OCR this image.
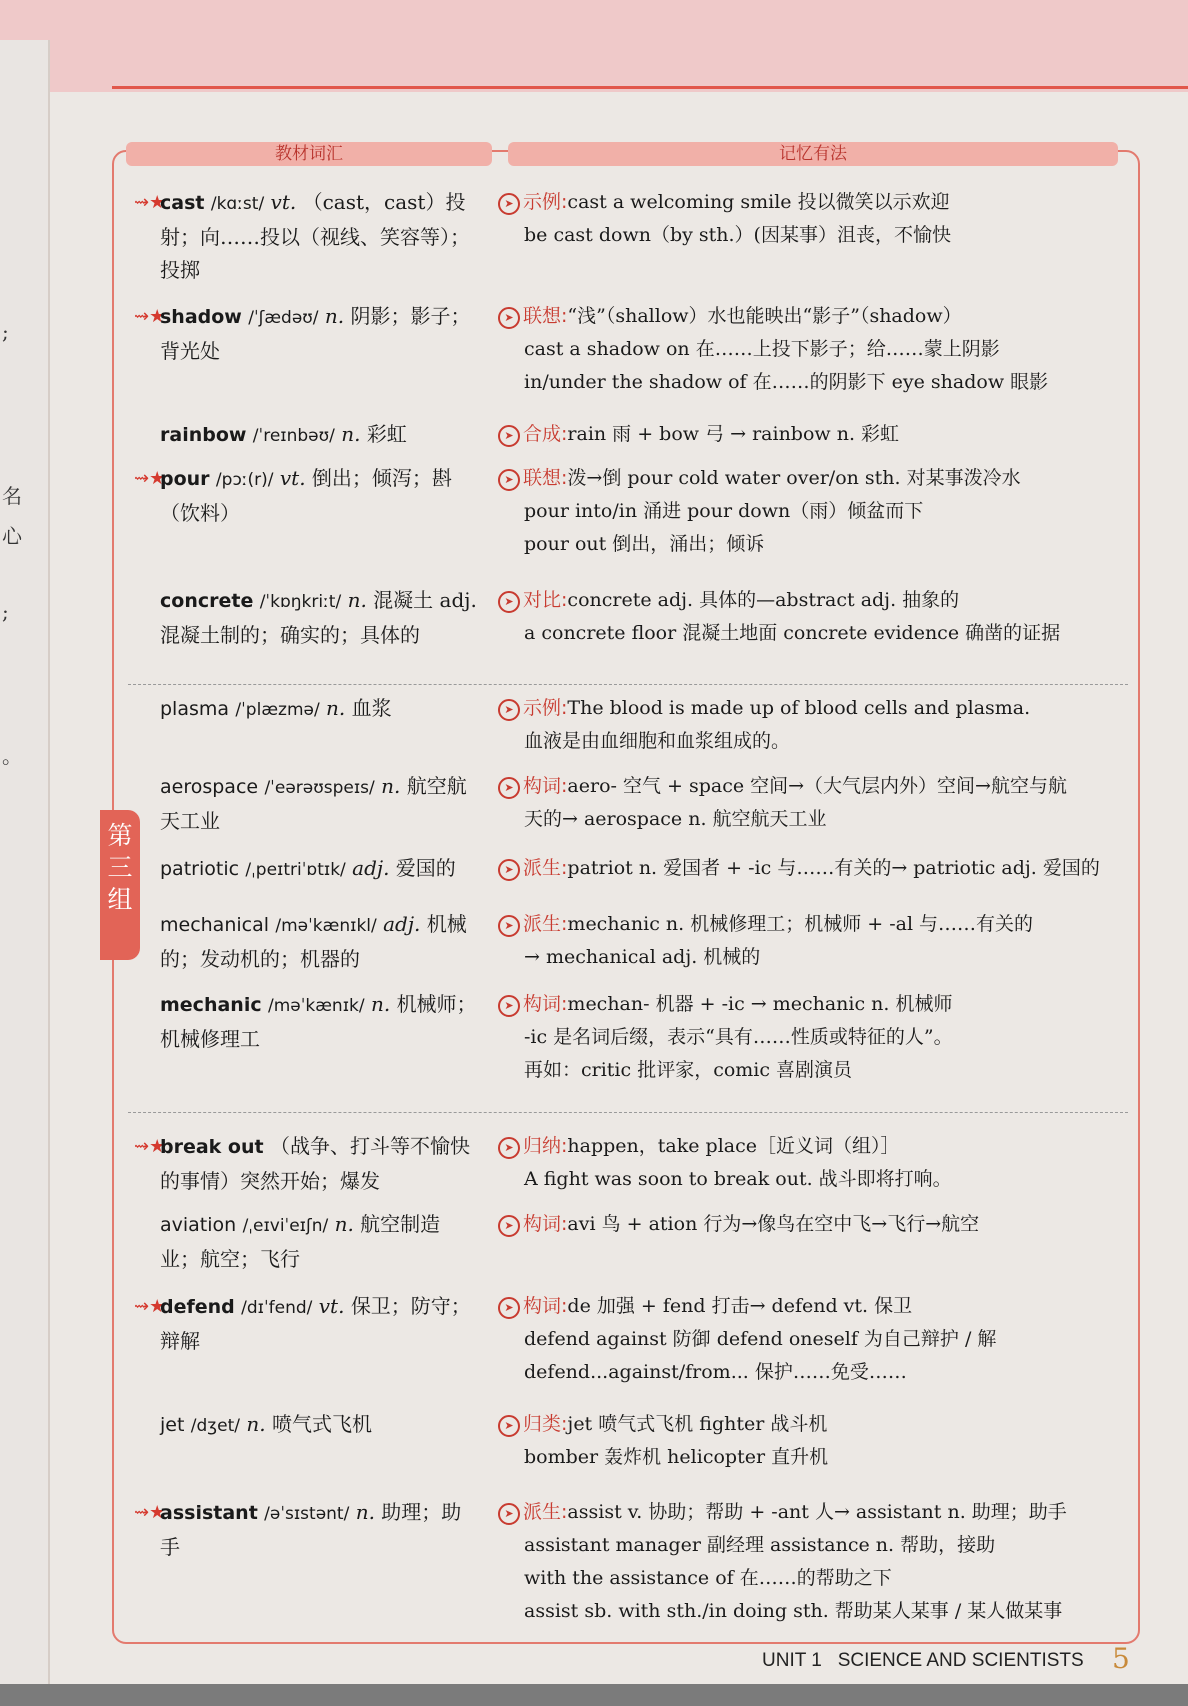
;
名
心
;
。
教材词汇	记忆有法
第三组
⇝★
cast /kɑːst/ vt. （cast，cast）投射；向……投以（视线、笑容等）；投掷
➤ 示例:cast a welcoming smile 投以微笑以示欢迎
be cast down（by sth.）(因某事）沮丧，不愉快
⇝★
shadow /ˈʃædəʊ/ n. 阴影；影子；背光处
➤ 联想:“浅”（shallow）水也能映出“影子”（shadow）
cast a shadow on 在……上投下影子；给……蒙上阴影
in/under the shadow of 在……的阴影下 eye shadow 眼影
rainbow /ˈreɪnbəʊ/ n. 彩虹	➤ 合成:rain 雨 + bow 弓 → rainbow n. 彩虹
⇝★
pour /pɔː(r)/ vt. 倒出；倾泻；斟（饮料）
➤ 联想:泼→倒 pour cold water over/on sth. 对某事泼冷水
pour into/in 涌进 pour down（雨）倾盆而下
pour out 倒出，涌出；倾诉
concrete /ˈkɒŋkriːt/ n. 混凝土 adj. 混凝土制的；确实的；具体的
➤ 对比:concrete adj. 具体的—abstract adj. 抽象的
a concrete floor 混凝土地面 concrete evidence 确凿的证据
plasma /ˈplæzmə/ n. 血浆	➤ 示例:The blood is made up of blood cells and plasma.
血液是由血细胞和血浆组成的。
aerospace /ˈeərəʊspeɪs/ n. 航空航天工业
➤ 构词:aero- 空气 + space 空间→（大气层内外）空间→航空与航
天的→ aerospace n. 航空航天工业
patriotic /ˌpeɪtriˈɒtɪk/ adj. 爱国的	➤ 派生:patriot n. 爱国者 + -ic 与……有关的→ patriotic adj. 爱国的
mechanical /məˈkænɪkl/ adj. 机械的；发动机的；机器的
➤ 派生:mechanic n. 机械修理工；机械师 + -al 与……有关的
→ mechanical adj. 机械的
mechanic /məˈkænɪk/ n. 机械师；机械修理工
➤ 构词:mechan- 机器 + -ic → mechanic n. 机械师
-ic 是名词后缀，表示“具有……性质或特征的人”。
再如：critic 批评家，comic 喜剧演员
⇝★
break out （战争、打斗等不愉快的事情）突然开始；爆发
➤ 归纳:happen，take place［近义词（组）］
A fight was soon to break out. 战斗即将打响。
aviation /ˌeɪviˈeɪʃn/ n. 航空制造业；航空；飞行
➤ 构词:avi 鸟 + ation 行为→像鸟在空中飞→飞行→航空
⇝★
defend /dɪˈfend/ vt. 保卫；防守；辩解
➤ 构词:de 加强 + fend 打击→ defend vt. 保卫
defend against 防御 defend oneself 为自己辩护 / 解
defend...against/from... 保护……免受……
jet /dʒet/ n. 喷气式飞机	➤ 归类:jet 喷气式飞机 fighter 战斗机
bomber 轰炸机 helicopter 直升机
⇝★
assistant /əˈsɪstənt/ n. 助理；助手
➤ 派生:assist v. 协助；帮助 + -ant 人→ assistant n. 助理；助手
assistant manager 副经理 assistance n. 帮助，接助
with the assistance of 在……的帮助之下
assist sb. with sth./in doing sth. 帮助某人某事 / 某人做某事
UNIT 1 SCIENCE AND SCIENTISTS 5
